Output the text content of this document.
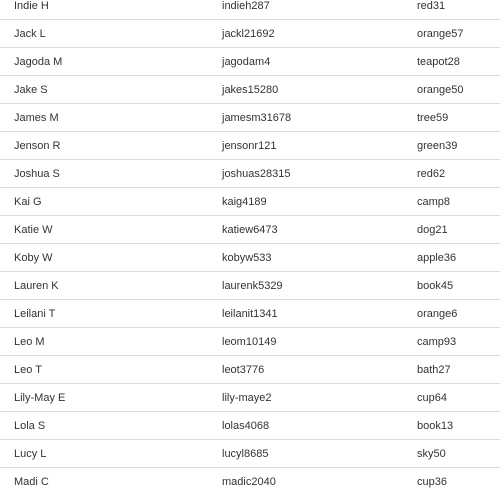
Indie H	indieh287	red31
Jack L	jackl21692	orange57
Jagoda M	jagodam4	teapot28
Jake S	jakes15280	orange50
James M	jamesm31678	tree59
Jenson R	jensonr121	green39
Joshua S	joshuas28315	red62
Kai G	kaig4189	camp8
Katie W	katiew6473	dog21
Koby W	kobyw533	apple36
Lauren K	laurenk5329	book45
Leilani T	leilanit1341	orange6
Leo M	leom10149	camp93
Leo T	leot3776	bath27
Lily-May E	lily-maye2	cup64
Lola S	lolas4068	book13
Lucy L	lucyl8685	sky50
Madi C	madic2040	cup36
